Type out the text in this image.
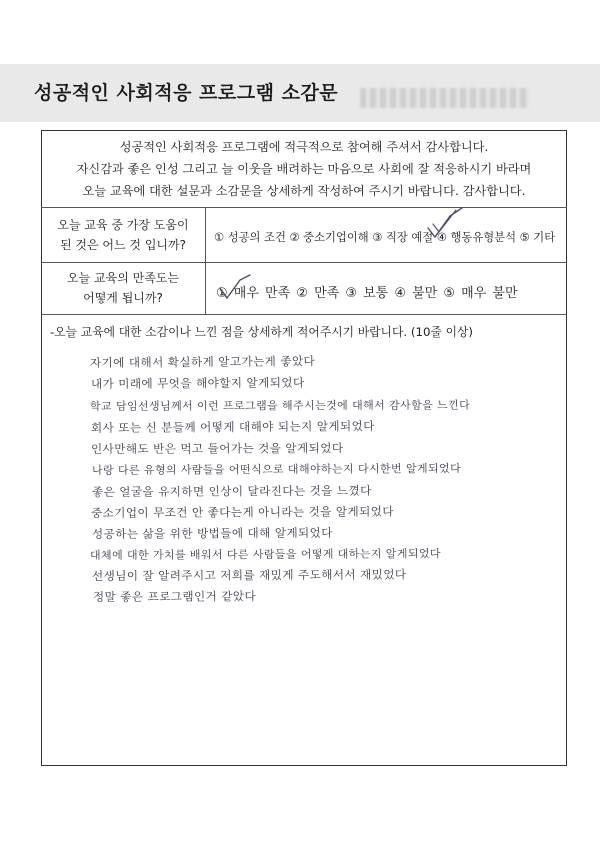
성공적인 사회적응 프로그램 소감문
성공적인 사회적응 프로그램에 적극적으로 참여해 주셔서 감사합니다.
자신감과 좋은 인성 그리고 늘 이웃을 배려하는 마음으로 사회에 잘 적응하시기 바라며
오늘 교육에 대한 설문과 소감문을 상세하게 작성하여 주시기 바랍니다. 감사합니다.
오늘 교육 중 가장 도움이
된 것은 어느 것 입니까?
① 성공의 조건 ② 중소기업이해 ③ 직장 예절 ④ 행동유형분석 ⑤ 기타
오늘 교육의 만족도는
어떻게 됩니까?	① 매우 만족 ② 만족 ③ 보통 ④ 불만 ⑤ 매우 불만
-오늘 교육에 대한 소감이나 느낀 점을 상세하게 적어주시기 바랍니다. (10줄 이상)
자기에 대해서 확실하게 알고가는게 좋았다
내가 미래에 무엇을 해야할지 알게되었다
학교 담임선생님께서 이런 프로그램을 해주시는것에 대해서 감사함을 느낀다
회사 또는 신 분들께 어떻게 대해야 되는지 알게되었다
인사만해도 반은 먹고 들어가는 것을 알게되었다
나랑 다른 유형의 사람들을 어떤식으로 대해야하는지 다시한번 알게되었다
좋은 얼굴을 유지하면 인상이 달라진다는 것을 느꼈다
중소기업이 무조건 안 좋다는게 아니라는 것을 알게되었다
성공하는 삶을 위한 방법들에 대해 알게되었다
대체에 대한 가치를 배워서 다른 사람들을 어떻게 대하는지 알게되었다
선생님이 잘 알려주시고 저희를 재밌게 주도해서서 재밌었다
정말 좋은 프로그램인거 같았다
